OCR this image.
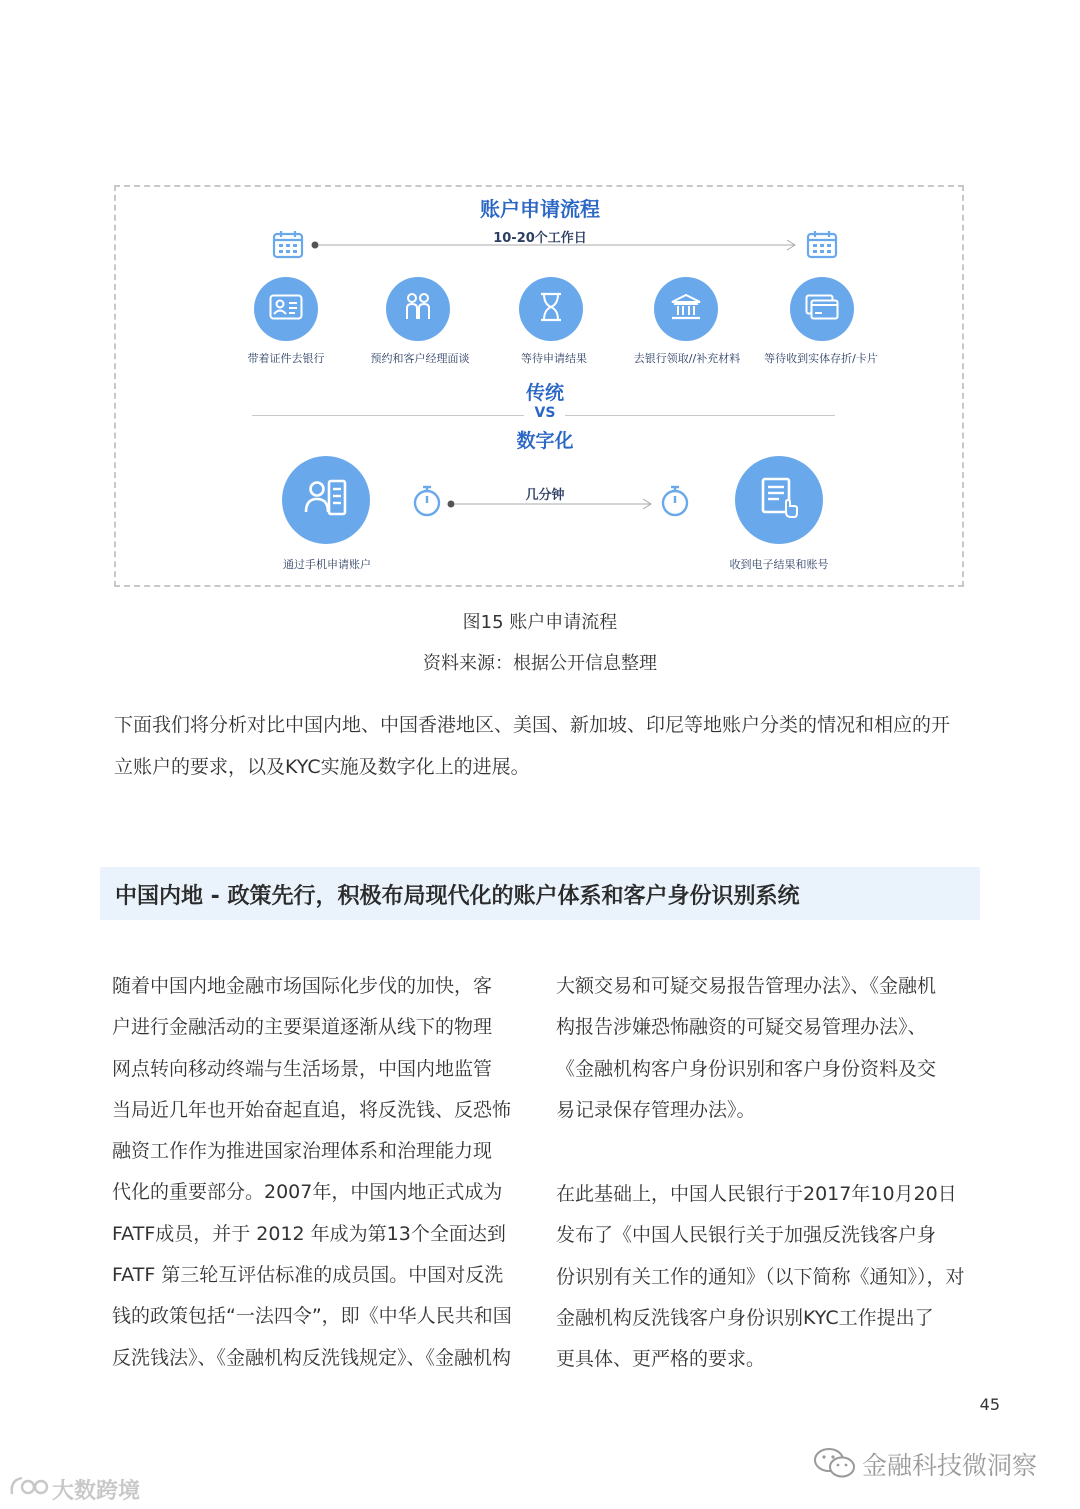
账户申请流程
10-20个工作日
带着证件去银行	预约和客户经理面谈	等待申请结果	去银行领取//补充材料	等待收到实体存折/卡片
传统
VS
数字化
几分钟
通过手机申请账户	收到电子结果和账号
图15 账户申请流程
资料来源：根据公开信息整理

下面我们将分析对比中国内地、中国香港地区、美国、新加坡、印尼等地账户分类的情况和相应的开

立账户的要求，以及KYC实施及数字化上的进展。

中国内地 - 政策先行，积极布局现代化的账户体系和客户身份识别系统

随着中国内地金融市场国际化步伐的加快，客

户进行金融活动的主要渠道逐渐从线下的物理

网点转向移动终端与生活场景，中国内地监管

当局近几年也开始奋起直追，将反洗钱、反恐怖

融资工作作为推进国家治理体系和治理能力现

代化的重要部分。2007年，中国内地正式成为

FATF成员，并于 2012 年成为第13个全面达到

FATF 第三轮互评估标准的成员国。中国对反洗

钱的政策包括“一法四令”，即《中华人民共和国

反洗钱法》、《金融机构反洗钱规定》、《金融机构

大额交易和可疑交易报告管理办法》、《金融机

构报告涉嫌恐怖融资的可疑交易管理办法》、

《金融机构客户身份识别和客户身份资料及交

易记录保存管理办法》。

在此基础上，中国人民银行于2017年10月20日

发布了《中国人民银行关于加强反洗钱客户身

份识别有关工作的通知》（以下简称《通知》），对

金融机构反洗钱客户身份识别KYC工作提出了

更具体、更严格的要求。

45
金融科技微洞察
大数跨境
